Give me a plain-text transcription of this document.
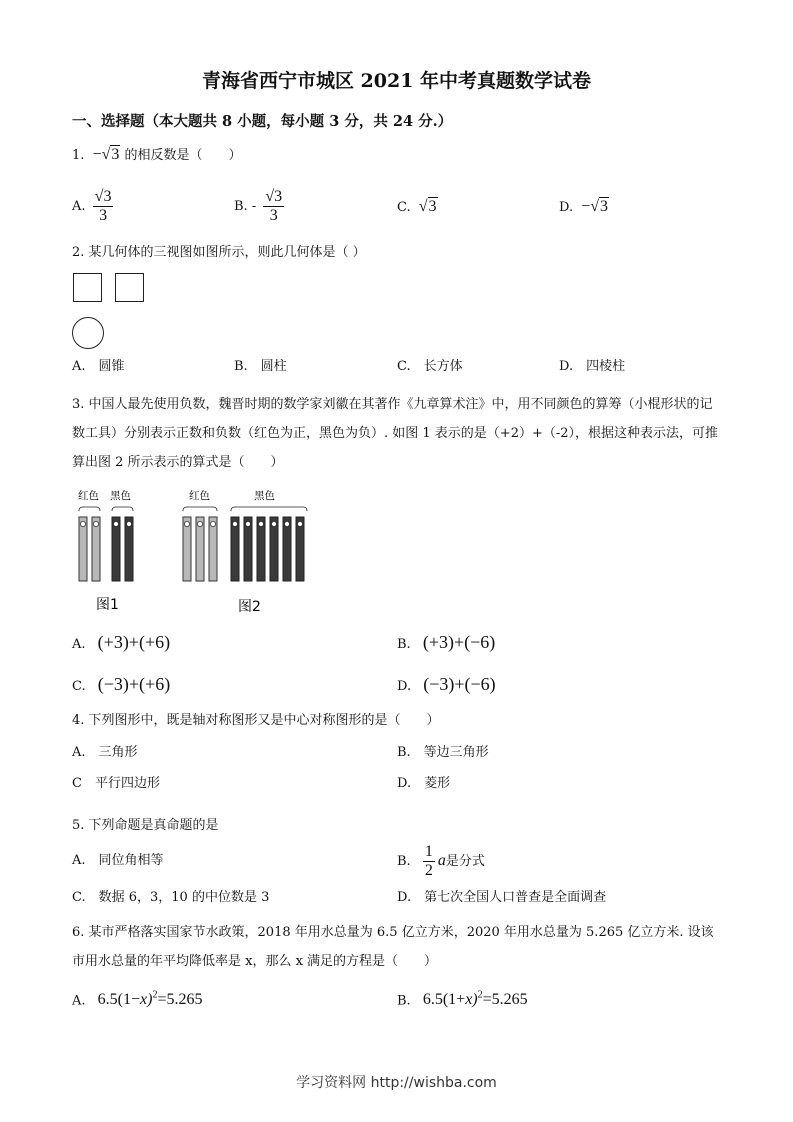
青海省西宁市城区 2021 年中考真题数学试卷
一、选择题（本大题共 8 小题，每小题 3 分，共 24 分.）
1.  −√3 的相反数是（　　）
A. $\frac{√3}{3}$	B. - $\frac{√3}{3}$	C.  √3	D.  −√3
2. 某几何体的三视图如图所示，则此几何体是（ ）
A.　圆锥	B.　圆柱	C.　长方体	D.　四棱柱
3. 中国人最先使用负数，魏晋时期的数学家刘徽在其著作《九章算术注》中，用不同颜色的算筹（小棍形状的记数工具）分别表示正数和负数（红色为正，黑色为负）. 如图 1 表示的是（+2）+（-2），根据这种表示法，可推算出图 2 所示表示的算式是（　　）
红色 黑色
图1
红色	黑色
图2
A. (+3)+(+6)	B. (+3)+(−6)
C. (−3)+(+6)	D. (−3)+(−6)
4. 下列图形中，既是轴对称图形又是中心对称图形的是（　　）
A.　三角形	B.　等边三角形
C　平行四边形	D.　菱形
5. 下列命题是真命题的是
A.　同位角相等	B. $\frac{1}{2}$ a是分式
C.　数据 6，3，10 的中位数是 3	D.　第七次全国人口普查是全面调查
6. 某市严格落实国家节水政策，2018 年用水总量为 6.5 亿立方米，2020 年用水总量为 5.265 亿立方米. 设该市用水总量的年平均降低率是 x，那么 x 满足的方程是（　　）
A. $6.5(1-x)^2=5.265$	B. $6.5(1+x)^2=5.265$
学习资料网 http://wishba.com
